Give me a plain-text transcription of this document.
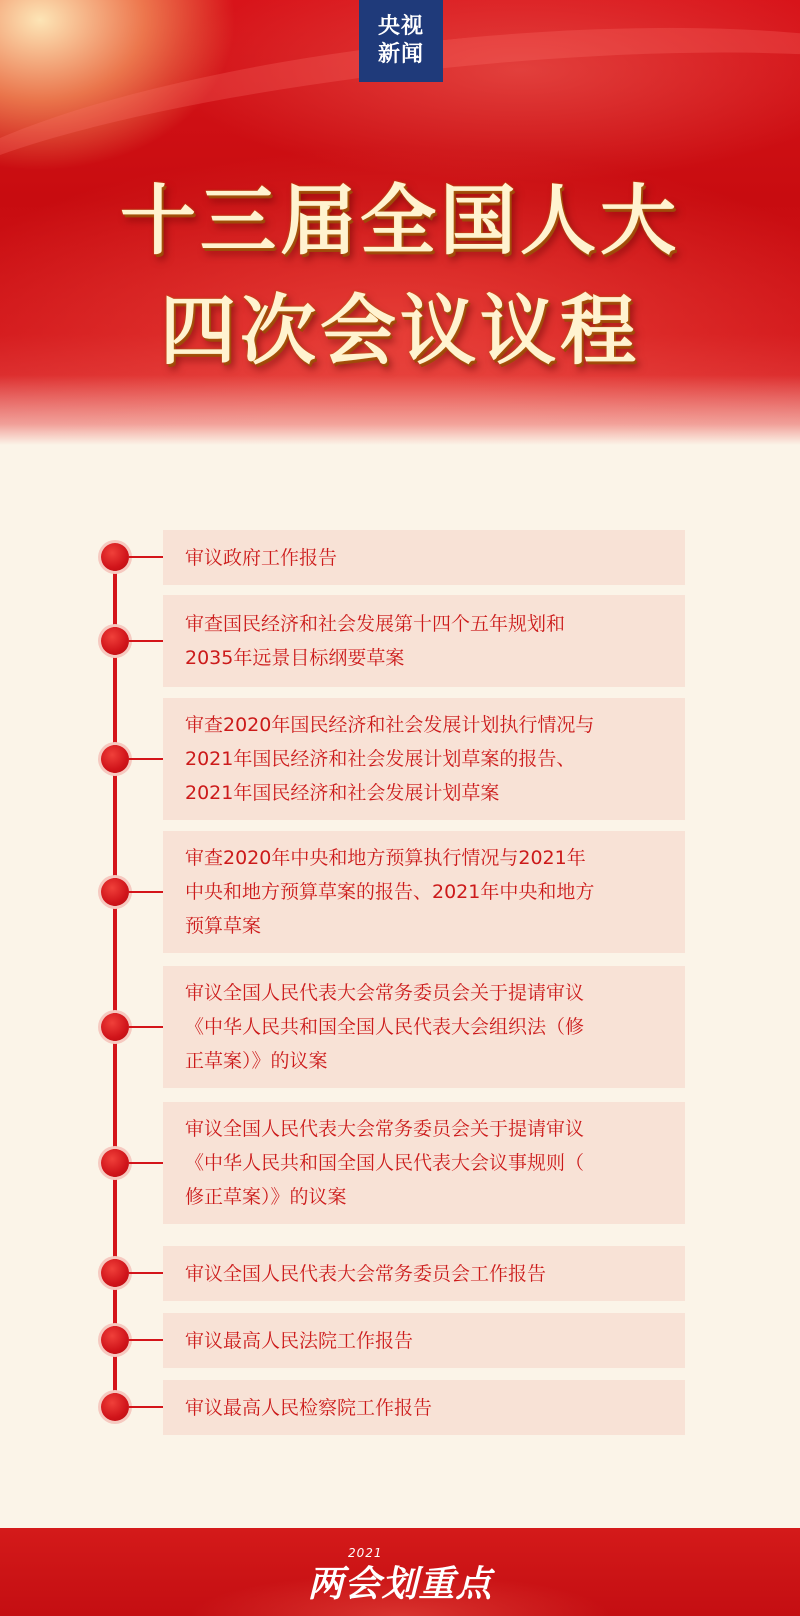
央视
新闻
十三届全国人大
四次会议议程
审议政府工作报告
审查国民经济和社会发展第十四个五年规划和
2035年远景目标纲要草案
审查2020年国民经济和社会发展计划执行情况与
2021年国民经济和社会发展计划草案的报告、
2021年国民经济和社会发展计划草案
审查2020年中央和地方预算执行情况与2021年
中央和地方预算草案的报告、2021年中央和地方
预算草案
审议全国人民代表大会常务委员会关于提请审议
《中华人民共和国全国人民代表大会组织法（修
正草案）》的议案
审议全国人民代表大会常务委员会关于提请审议
《中华人民共和国全国人民代表大会议事规则（
修正草案）》的议案
审议全国人民代表大会常务委员会工作报告
审议最高人民法院工作报告
审议最高人民检察院工作报告
2021
两会划重点
